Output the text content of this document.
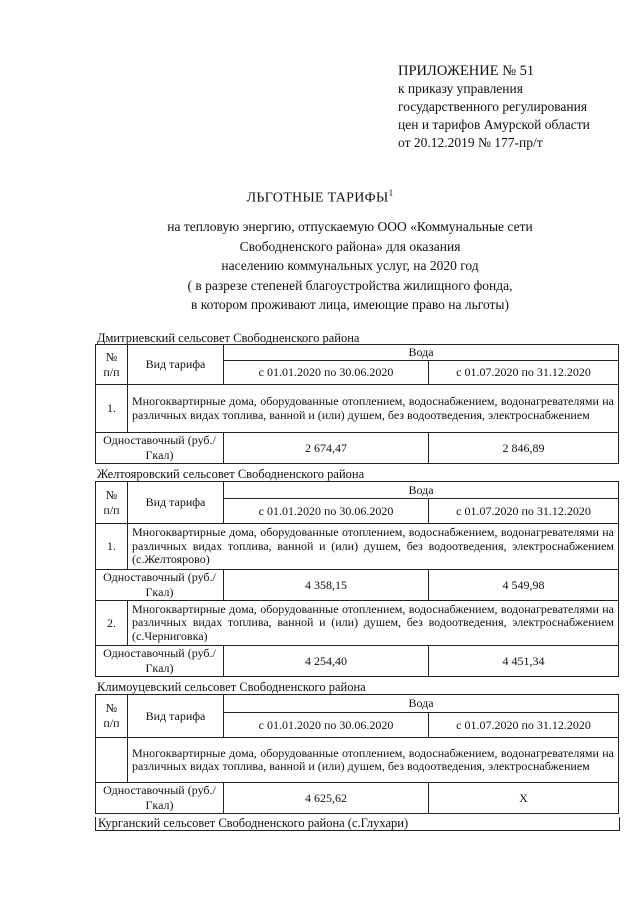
ПРИЛОЖЕНИЕ № 51
к приказу управления
государственного регулирования
цен и тарифов Амурской области
от 20.12.2019 № 177-пр/т
ЛЬГОТНЫЕ ТАРИФЫ$^1$
на тепловую энергию, отпускаемую ООО «Коммунальные сети
Свободненского района» для оказания
населению коммунальных услуг, на 2020 год
( в разрезе степеней благоустройства жилищного фонда,
в котором проживают лица, имеющие право на льготы)
Дмитриевский сельсовет Свободненского района
№ п/п	Вид тарифа	Вода	
		с 01.01.2020 по 30.06.2020	с 01.07.2020 по 31.12.2020
1.	Многоквартирные дома, оборудованные отоплением, водоснабжением, водонагревателями на различных видах топлива, ванной и (или) душем, без водоотведения, электроснабжением		
Одноставочный (руб./Гкал)		2 674,47	2 846,89
Желтояровский сельсовет Свободненского района
№ п/п	Вид тарифа	Вода	
		с 01.01.2020 по 30.06.2020	с 01.07.2020 по 31.12.2020
1.	Многоквартирные дома, оборудованные отоплением, водоснабжением, водонагревателями на различных видах топлива, ванной и (или) душем, без водоотведения, электроснабжением (с.Желтоярово)		
Одноставочный (руб./Гкал)		4 358,15	4 549,98
2.	Многоквартирные дома, оборудованные отоплением, водоснабжением, водонагревателями на различных видах топлива, ванной и (или) душем, без водоотведения, электроснабжением (с.Черниговка)		
Одноставочный (руб./Гкал)		4 254,40	4 451,34
Климоуцевский сельсовет Свободненского района
№ п/п	Вид тарифа	Вода	
		с 01.01.2020 по 30.06.2020	с 01.07.2020 по 31.12.2020
	Многоквартирные дома, оборудованные отоплением, водоснабжением, водонагревателями на различных видах топлива, ванной и (или) душем, без водоотведения, электроснабжением		
Одноставочный (руб./Гкал)		4 625,62	Х
Курганский сельсовет Свободненского района (с.Глухари)
